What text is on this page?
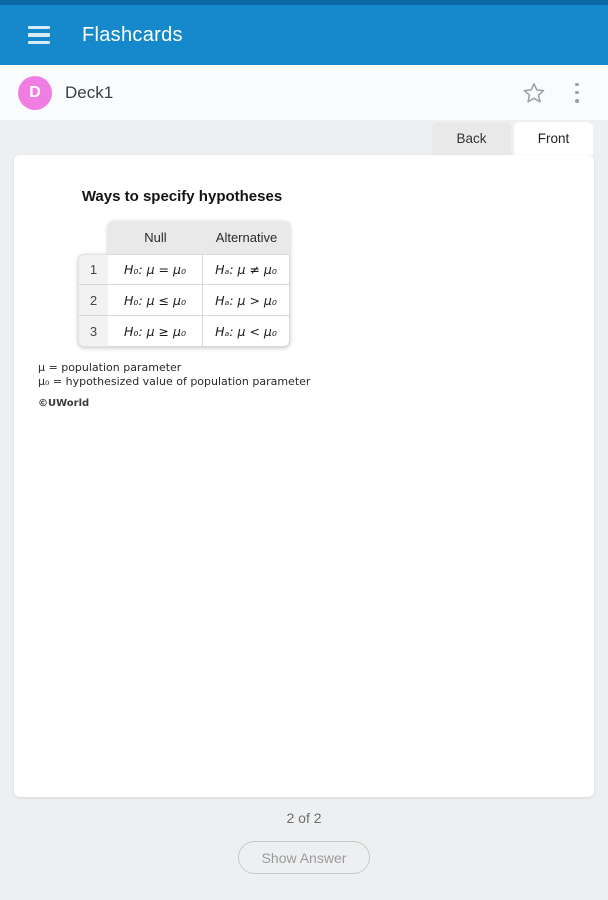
Flashcards
D	Deck1
Back	Front
Ways to specify hypotheses
Null	Alternative
1	H₀: μ = μ₀ Hₐ: μ ≠ μ₀
2	H₀: μ ≤ μ₀ Hₐ: μ > μ₀
3	H₀: μ ≥ μ₀ Hₐ: μ < μ₀
μ = population parameter
μ₀ = hypothesized value of population parameter
©UWorld
2 of 2
Show Answer
